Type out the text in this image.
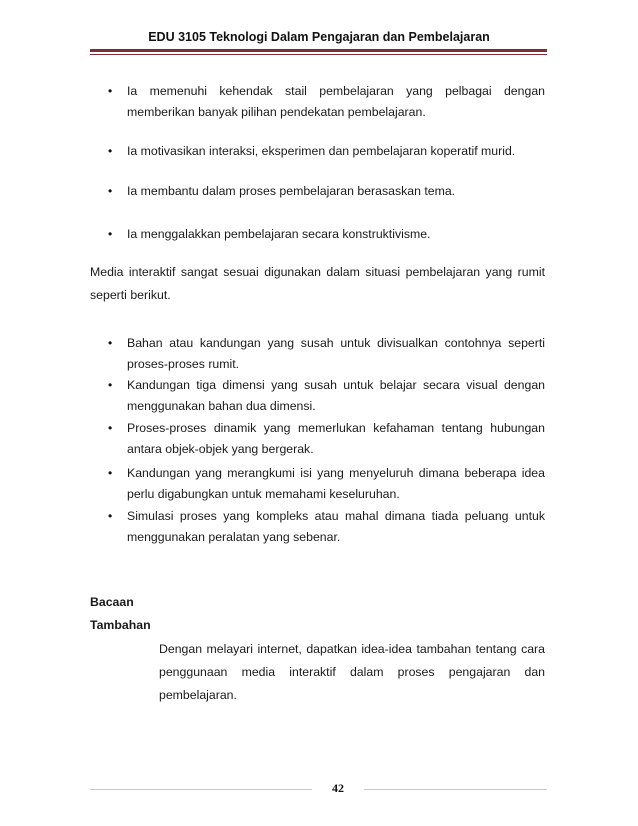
EDU 3105 Teknologi Dalam Pengajaran dan Pembelajaran
• Ia memenuhi kehendak stail pembelajaran yang pelbagai dengan memberikan banyak pilihan pendekatan pembelajaran.
• Ia motivasikan interaksi, eksperimen dan pembelajaran koperatif murid.
• Ia membantu dalam proses pembelajaran berasaskan tema.
• Ia menggalakkan pembelajaran secara konstruktivisme.
Media interaktif sangat sesuai digunakan dalam situasi pembelajaran yang rumit seperti berikut.
• Bahan atau kandungan yang susah untuk divisualkan contohnya seperti proses-proses rumit.
• Kandungan tiga dimensi yang susah untuk belajar secara visual dengan menggunakan bahan dua dimensi.
• Proses-proses dinamik yang memerlukan kefahaman tentang hubungan antara objek-objek yang bergerak.
• Kandungan yang merangkumi isi yang menyeluruh dimana beberapa idea perlu digabungkan untuk memahami keseluruhan.
• Simulasi proses yang kompleks atau mahal dimana tiada peluang untuk menggunakan peralatan yang sebenar.
Bacaan
Tambahan
Dengan melayari internet, dapatkan idea-idea tambahan tentang cara penggunaan media interaktif dalam proses pengajaran dan pembelajaran.
42
